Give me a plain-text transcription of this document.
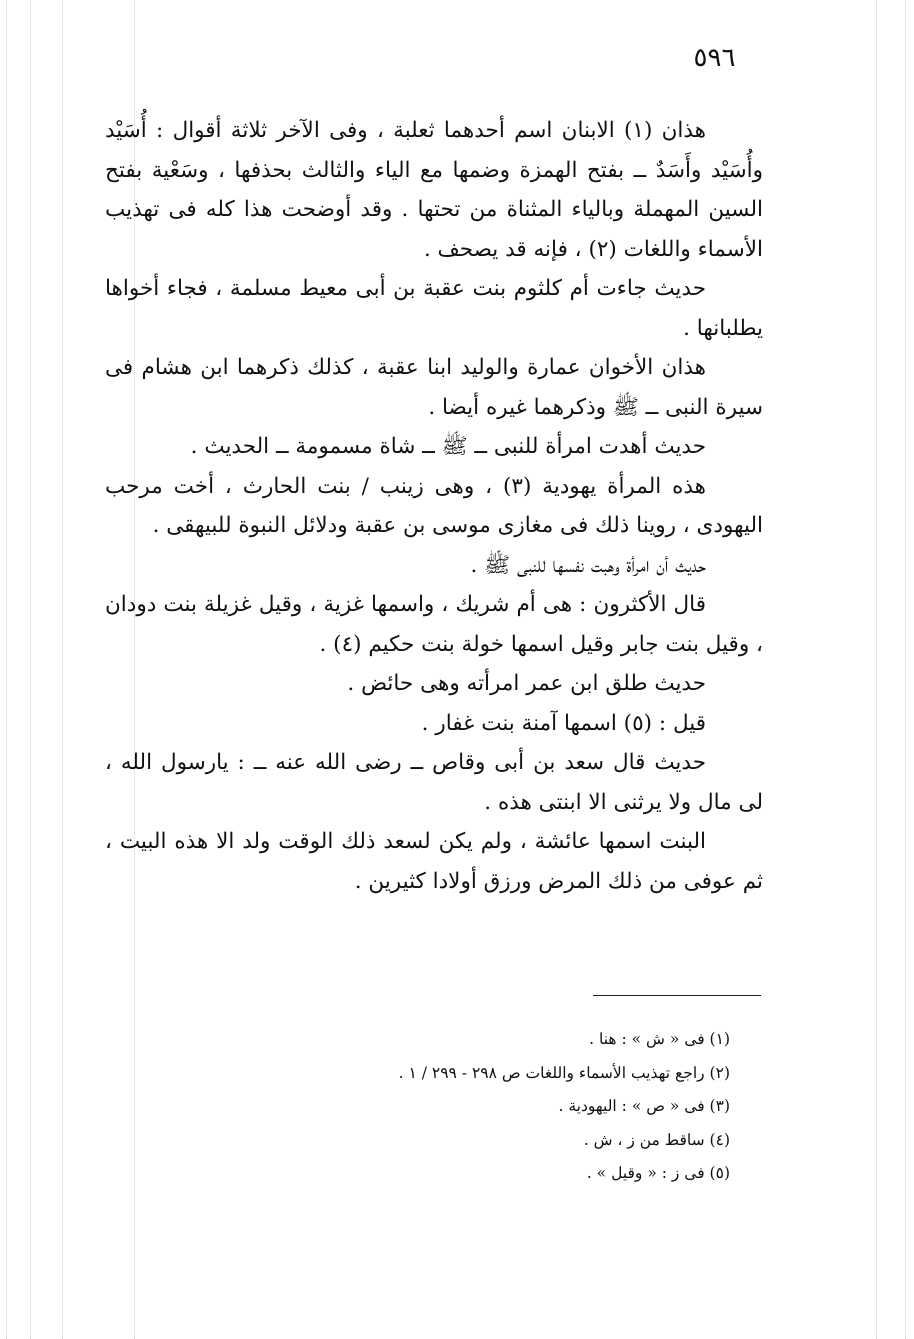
٥٩٦

هذان (١) الابنان اسم أحدهما ثعلبة ، وفى الآخر ثلاثة أقوال : أُسَيْد وأُسَيْد وأَسَدٌ ــ بفتح الهمزة وضمها مع الياء والثالث بحذفها ، وسَعْية بفتح السين المهملة وبالياء المثناة من تحتها . وقد أوضحت هذا كله فى تهذيب الأسماء واللغات (٢) ، فإنه قد يصحف .

حديث جاءت أم كلثوم بنت عقبة بن أبى معيط مسلمة ، فجاء أخواها يطلبانها .

هذان الأخوان عمارة والوليد ابنا عقبة ، كذلك ذكرهما ابن هشام فى سيرة النبى ــ ﷺ وذكرهما غيره أيضا .

حديث أهدت امرأة للنبى ــ ﷺ ــ شاة مسمومة ــ الحديث .

هذه المرأة يهودية (٣) ، وهى زينب / بنت الحارث ، أخت مرحب اليهودى ، روينا ذلك فى مغازى موسى بن عقبة ودلائل النبوة للبيهقى .

حديث أن امرأة وهبت نفسها للنبى ﷺ .

قال الأكثرون : هى أم شريك ، واسمها غزية ، وقيل غزيلة بنت دودان ، وقيل بنت جابر وقيل اسمها خولة بنت حكيم (٤) .

حديث طلق ابن عمر امرأته وهى حائض .

قيل : (٥) اسمها آمنة بنت غفار .

حديث قال سعد بن أبى وقاص ــ رضى الله عنه ــ : يارسول الله ، لى مال ولا يرثنى الا ابنتى هذه .

البنت اسمها عائشة ، ولم يكن لسعد ذلك الوقت ولد الا هذه البيت ، ثم عوفى من ذلك المرض ورزق أولادا كثيرين .

(١) فى « ش » : هنا .
(٢) راجع تهذيب الأسماء واللغات ص ٢٩٨ - ٢٩٩ / ١ .
(٣) فى « ص » : اليهودية .
(٤) ساقط من ز ، ش .
(٥) فى ز : « وقيل » .
